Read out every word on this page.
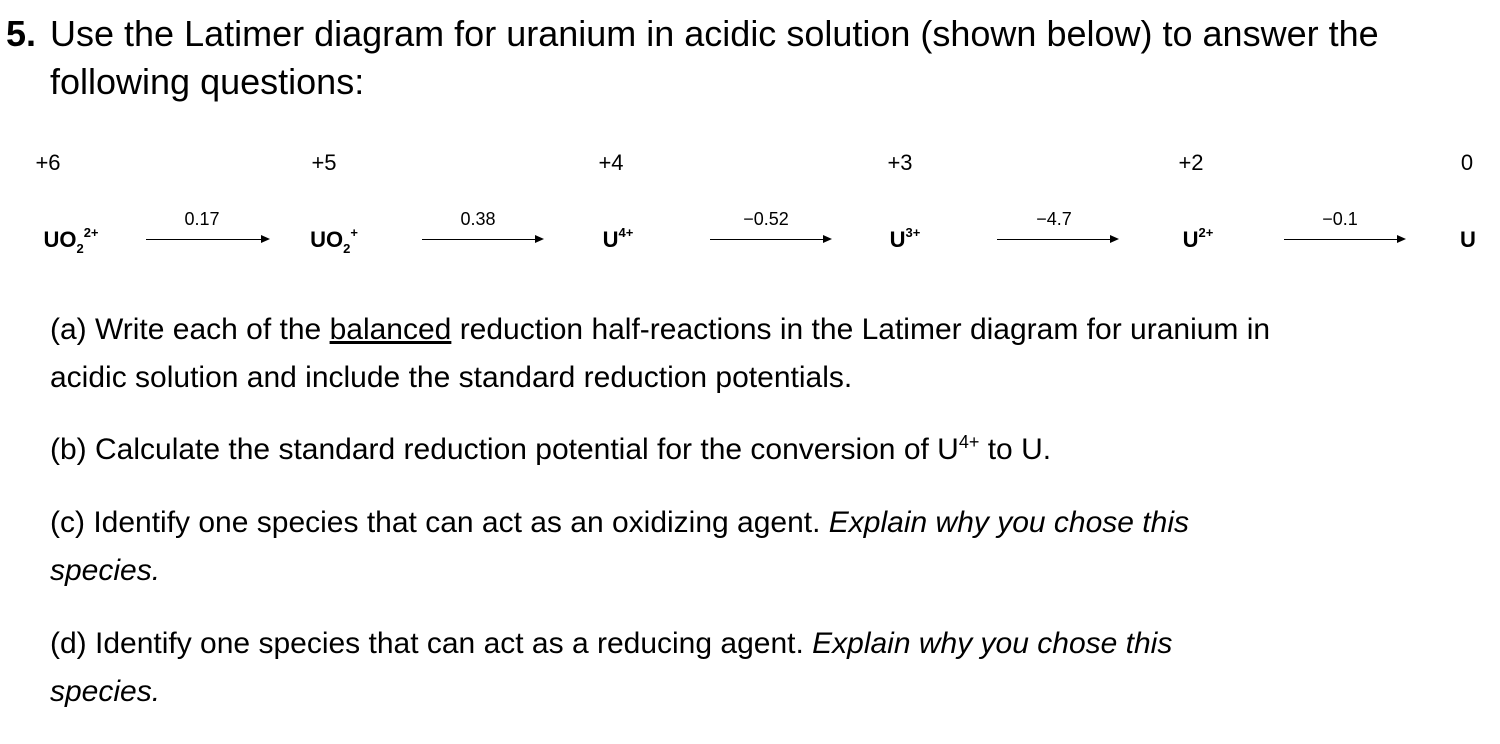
5. Use the Latimer diagram for uranium in acidic solution (shown below) to answer the
following questions:
+6	+5	+4	+3	+2	0
$UO_2^{2+}$	$UO_2^+$	$U^{4+}$	$U^{3+}$	$U^{2+}$	U
0.17	0.38	−0.52	−4.7	−0.1
(a) Write each of the balanced reduction half-reactions in the Latimer diagram for uranium in
acidic solution and include the standard reduction potentials.
(b) Calculate the standard reduction potential for the conversion of $U^{4+}$ to U.
(c) Identify one species that can act as an oxidizing agent. Explain why you chose this
species.
(d) Identify one species that can act as a reducing agent. Explain why you chose this
species.
